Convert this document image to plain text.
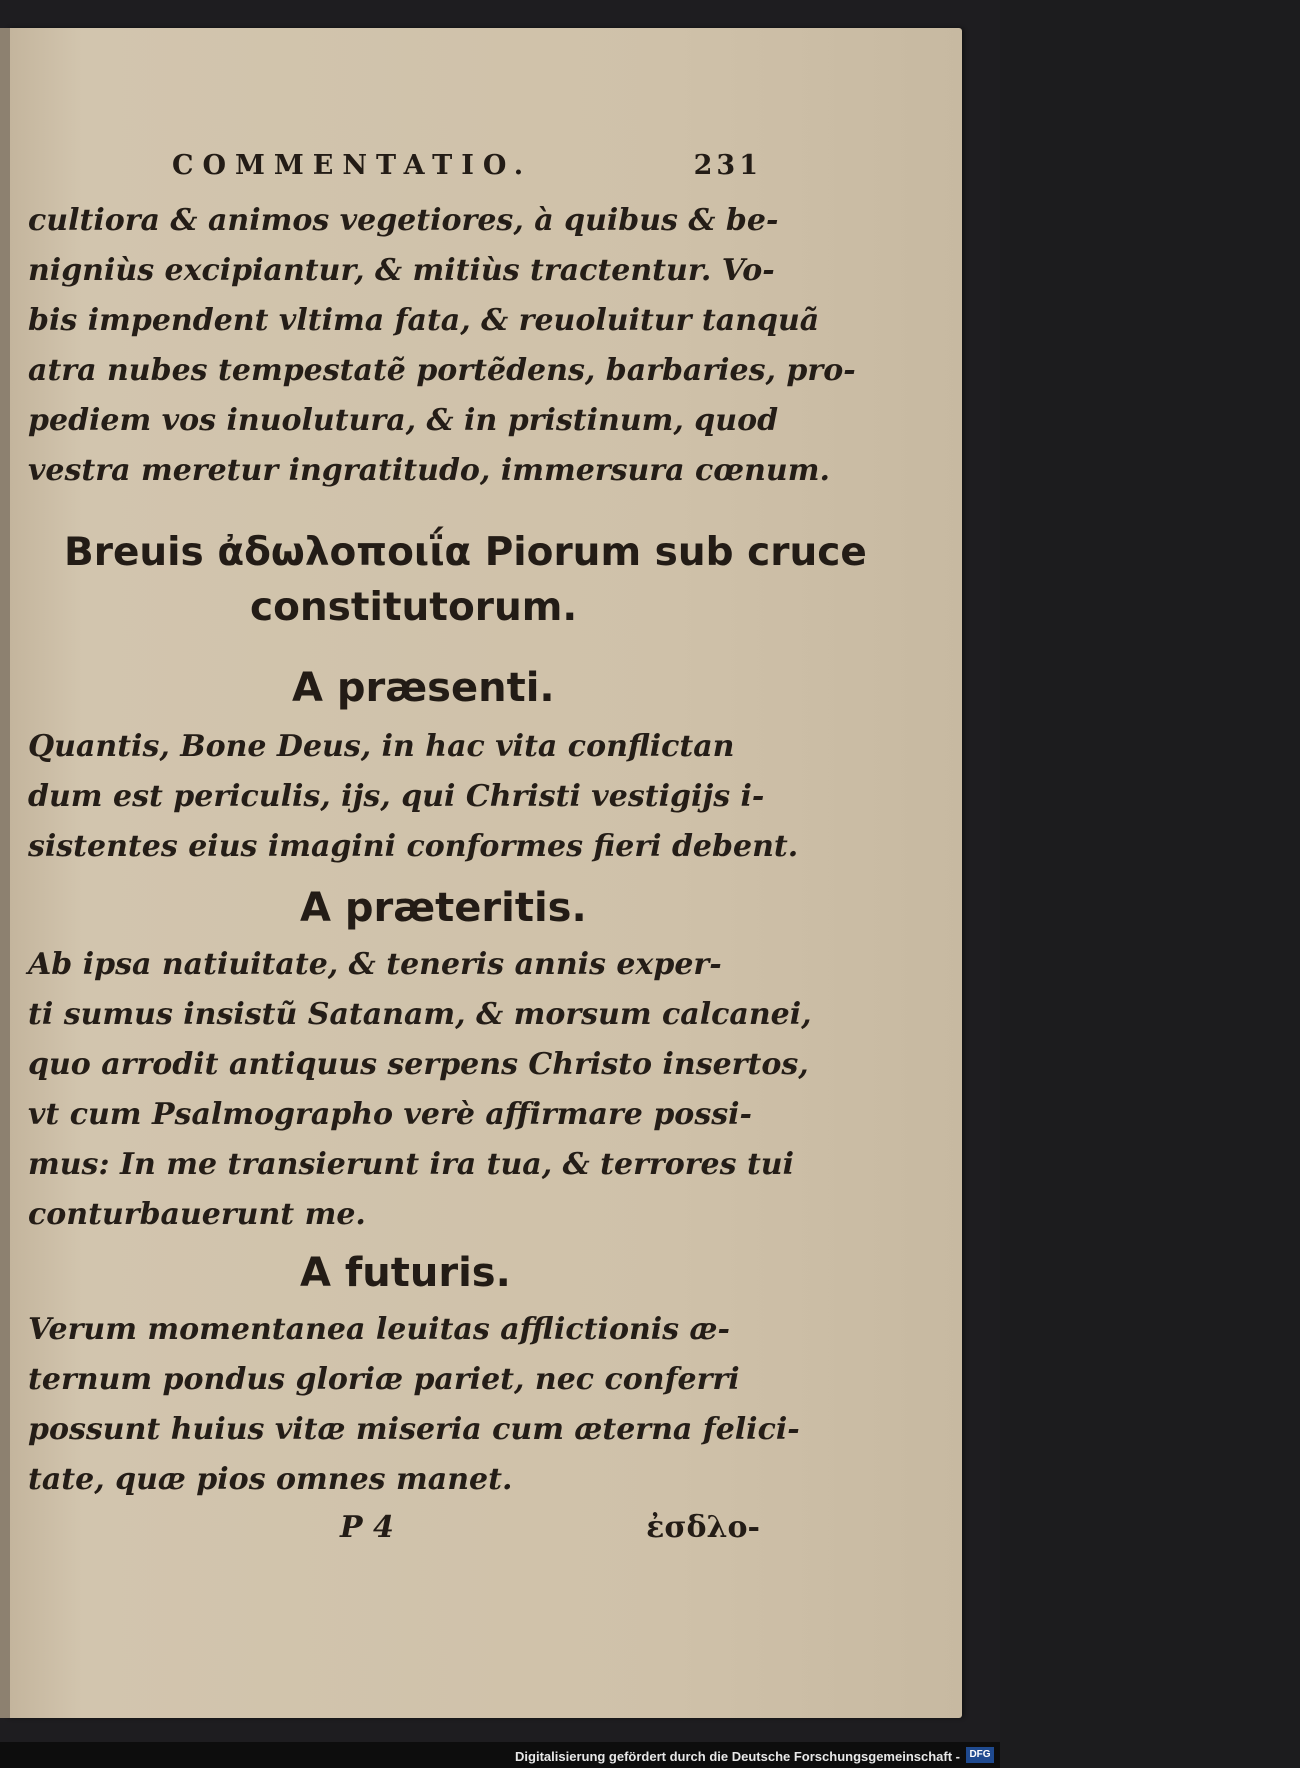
COMMENTATIO.	231
cultiora & animos vegetiores, à quibus & be-
nigniùs excipiantur, & mitiùs tractentur. Vo-
bis impendent vltima fata, & reuoluitur tanquã
atra nubes tempestatẽ portẽdens, barbaries, pro-
pediem vos inuolutura, & in pristinum, quod
vestra meretur ingratitudo, immersura cœnum.
Breuis ἀδωλοποιΐα Piorum sub cruce
constitutorum.
A præsenti.
Quantis, Bone Deus, in hac vita conflictan
dum est periculis, ijs, qui Christi vestigijs i-
sistentes eius imagini conformes fieri debent.
A præteritis.
Ab ipsa natiuitate, & teneris annis exper-
ti sumus insistũ Satanam, & morsum calcanei,
quo arrodit antiquus serpens Christo insertos,
vt cum Psalmographo verè affirmare possi-
mus: In me transierunt ira tua, & terrores tui
conturbauerunt me.
A futuris.
Verum momentanea leuitas afflictionis æ-
ternum pondus gloriæ pariet, nec conferri
possunt huius vitæ miseria cum æterna felici-
tate, quæ pios omnes manet.
P 4	ἐσδλο-
Digitalisierung gefördert durch die Deutsche Forschungsgemeinschaft - DFG
